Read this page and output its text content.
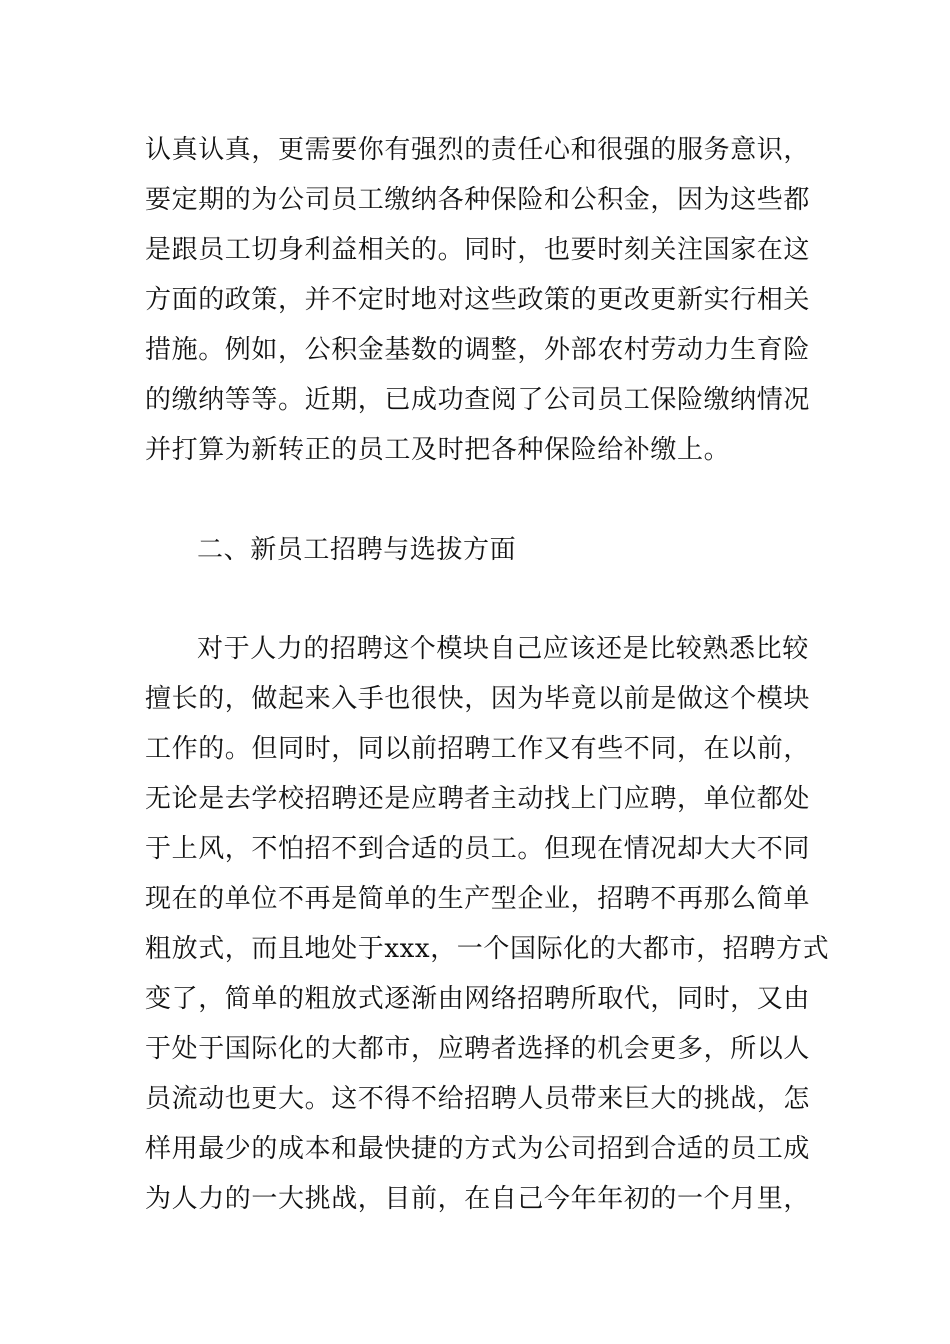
认真认真，更需要你有强烈的责任心和很强的服务意识，
要定期的为公司员工缴纳各种保险和公积金，因为这些都
是跟员工切身利益相关的。同时，也要时刻关注国家在这
方面的政策，并不定时地对这些政策的更改更新实行相关
措施。例如，公积金基数的调整，外部农村劳动力生育险
的缴纳等等。近期，已成功查阅了公司员工保险缴纳情况
并打算为新转正的员工及时把各种保险给补缴上。
二、新员工招聘与选拔方面
对于人力的招聘这个模块自己应该还是比较熟悉比较
擅长的，做起来入手也很快，因为毕竟以前是做这个模块
工作的。但同时，同以前招聘工作又有些不同，在以前，
无论是去学校招聘还是应聘者主动找上门应聘，单位都处
于上风，不怕招不到合适的员工。但现在情况却大大不同
现在的单位不再是简单的生产型企业，招聘不再那么简单
粗放式，而且地处于xxx，一个国际化的大都市，招聘方式
变了，简单的粗放式逐渐由网络招聘所取代，同时，又由
于处于国际化的大都市，应聘者选择的机会更多，所以人
员流动也更大。这不得不给招聘人员带来巨大的挑战，怎
样用最少的成本和最快捷的方式为公司招到合适的员工成
为人力的一大挑战，目前，在自己今年年初的一个月里，
